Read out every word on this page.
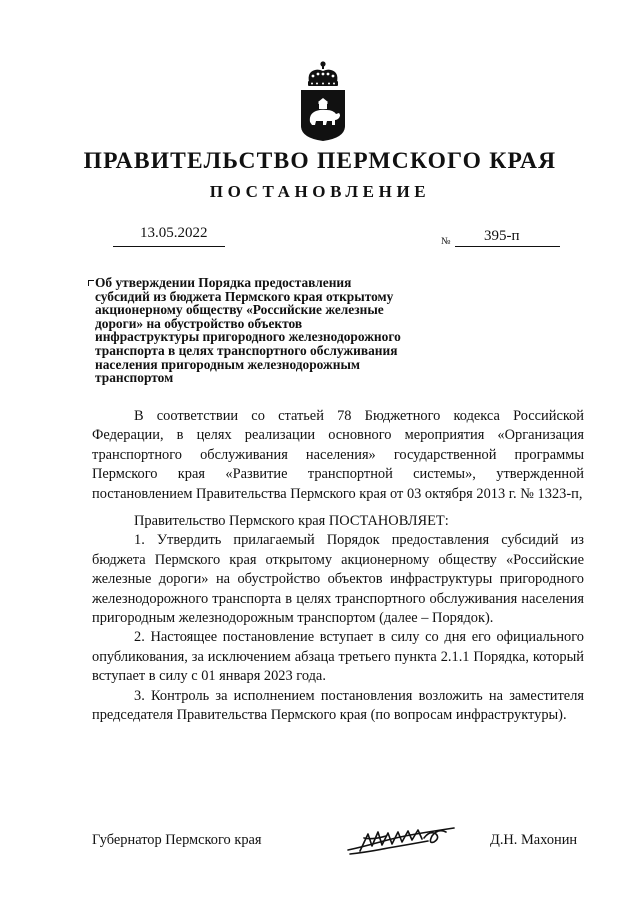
ПРАВИТЕЛЬСТВО ПЕРМСКОГО КРАЯ
ПОСТАНОВЛЕНИЕ
13.05.2022
№ 395-п
Об утверждении Порядка предоставления
субсидий из бюджета Пермского края открытому
акционерному обществу «Российские железные
дороги» на обустройство объектов
инфраструктуры пригородного железнодорожного
транспорта в целях транспортного обслуживания
населения пригородным железнодорожным
транспортом

В соответствии со статьей 78 Бюджетного кодекса Российской Федерации, в целях реализации основного мероприятия «Организация транспортного обслуживания населения» государственной программы Пермского края «Развитие транспортной системы», утвержденной постановлением Правительства Пермского края от 03 октября 2013 г. № 1323-п,

Правительство Пермского края ПОСТАНОВЛЯЕТ:

1. Утвердить прилагаемый Порядок предоставления субсидий из бюджета Пермского края открытому акционерному обществу «Российские железные дороги» на обустройство объектов инфраструктуры пригородного железнодорожного транспорта в целях транспортного обслуживания населения пригородным железнодорожным транспортом (далее – Порядок).

2. Настоящее постановление вступает в силу со дня его официального опубликования, за исключением абзаца третьего пункта 2.1.1 Порядка, который вступает в силу с 01 января 2023 года.

3. Контроль за исполнением постановления возложить на заместителя председателя Правительства Пермского края (по вопросам инфраструктуры).

Губернатор Пермского края	Д.Н. Махонин
